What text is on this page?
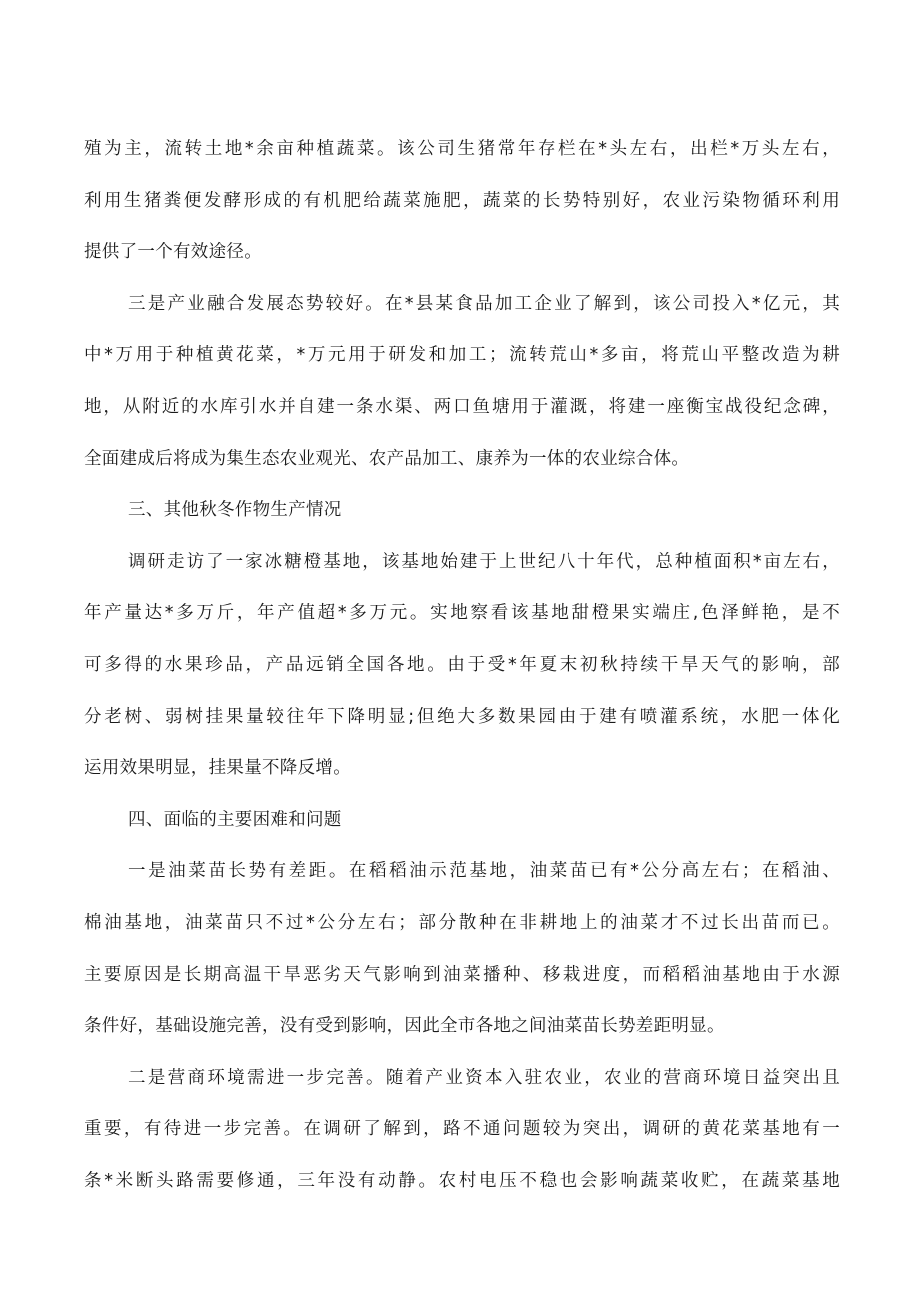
殖为主，流转土地*余亩种植蔬菜。该公司生猪常年存栏在*头左右，出栏*万头左右，
利用生猪粪便发酵形成的有机肥给蔬菜施肥，蔬菜的长势特别好，农业污染物循环利用
提供了一个有效途径。
三是产业融合发展态势较好。在*县某食品加工企业了解到，该公司投入*亿元，其
中*万用于种植黄花菜，*万元用于研发和加工；流转荒山*多亩，将荒山平整改造为耕
地，从附近的水库引水并自建一条水渠、两口鱼塘用于灌溉，将建一座衡宝战役纪念碑，
全面建成后将成为集生态农业观光、农产品加工、康养为一体的农业综合体。
三、其他秋冬作物生产情况
调研走访了一家冰糖橙基地，该基地始建于上世纪八十年代，总种植面积*亩左右，
年产量达*多万斤，年产值超*多万元。实地察看该基地甜橙果实端庄,色泽鲜艳，是不
可多得的水果珍品，产品远销全国各地。由于受*年夏末初秋持续干旱天气的影响，部
分老树、弱树挂果量较往年下降明显;但绝大多数果园由于建有喷灌系统，水肥一体化
运用效果明显，挂果量不降反增。
四、面临的主要困难和问题
一是油菜苗长势有差距。在稻稻油示范基地，油菜苗已有*公分高左右；在稻油、
棉油基地，油菜苗只不过*公分左右；部分散种在非耕地上的油菜才不过长出苗而已。
主要原因是长期高温干旱恶劣天气影响到油菜播种、移栽进度，而稻稻油基地由于水源
条件好，基础设施完善，没有受到影响，因此全市各地之间油菜苗长势差距明显。
二是营商环境需进一步完善。随着产业资本入驻农业，农业的营商环境日益突出且
重要，有待进一步完善。在调研了解到，路不通问题较为突出，调研的黄花菜基地有一
条*米断头路需要修通，三年没有动静。农村电压不稳也会影响蔬菜收贮，在蔬菜基地
